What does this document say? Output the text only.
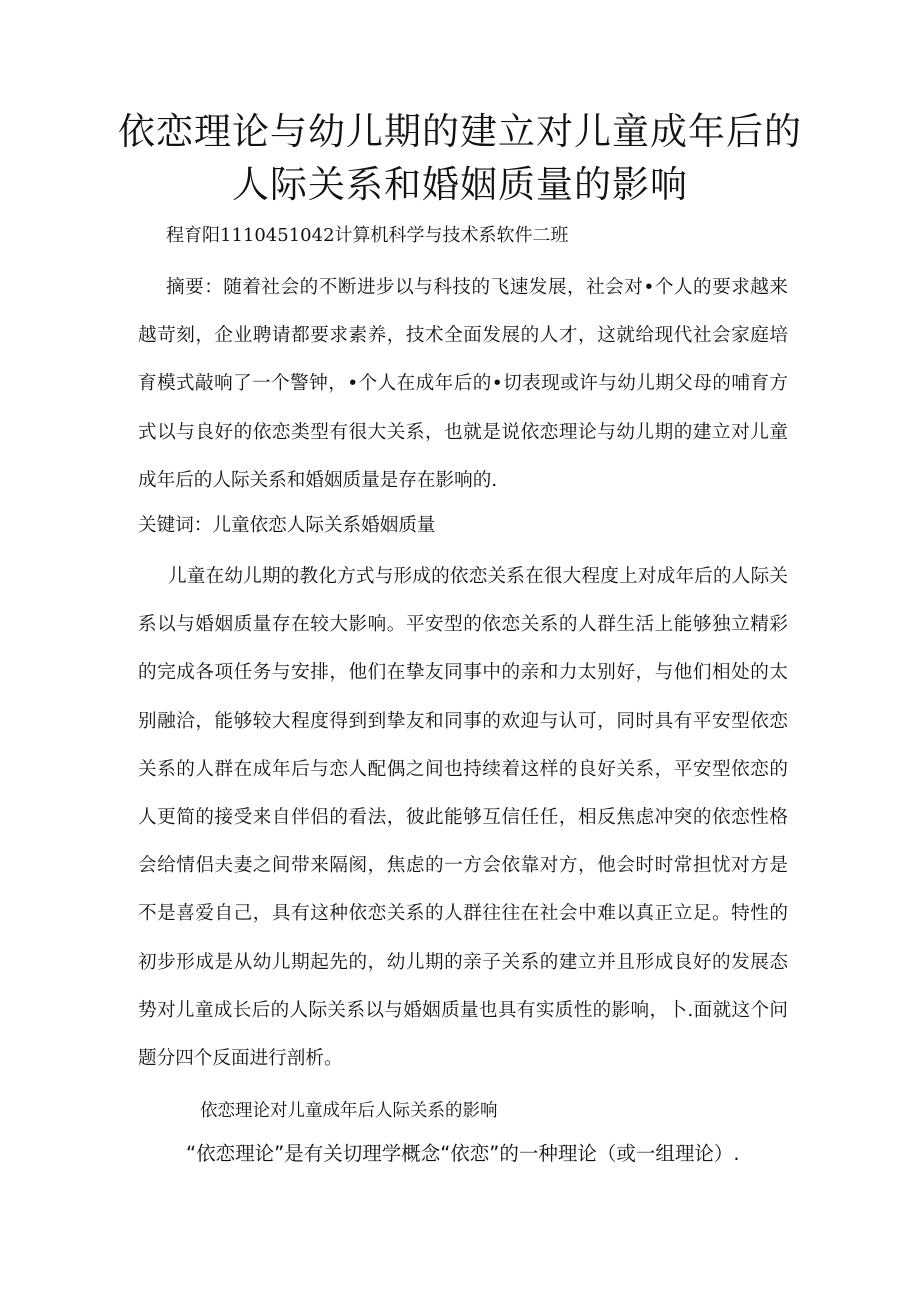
依恋理论与幼儿期的建立对儿童成年后的
人际关系和婚姻质量的影响
程育阳1110451042计算机科学与技术系软件二班

摘要：随着社会的不断进步以与科技的飞速发展，社会对•个人的要求越来越苛刻，企业聘请都要求素养，技术全面发展的人才，这就给现代社会家庭培育模式敲响了一个警钟，•个人在成年后的•切表现或许与幼儿期父母的哺育方式以与良好的依恋类型有很大关系，也就是说依恋理论与幼儿期的建立对儿童成年后的人际关系和婚姻质量是存在影响的.

关键词：儿童依恋人际关系婚姻质量

儿童在幼儿期的教化方式与形成的依恋关系在很大程度上对成年后的人际关系以与婚姻质量存在较大影响。平安型的依恋关系的人群生活上能够独立精彩的完成各项任务与安排，他们在挚友同事中的亲和力太别好，与他们相处的太别融洽，能够较大程度得到到挚友和同事的欢迎与认可，同时具有平安型依恋关系的人群在成年后与恋人配偶之间也持续着这样的良好关系，平安型依恋的人更简的接受来自伴侣的看法，彼此能够互信任任，相反焦虑冲突的依恋性格会给情侣夫妻之间带来隔阂，焦虑的一方会依靠对方，他会时时常担忧对方是不是喜爱自己，具有这种依恋关系的人群往往在社会中难以真正立足。特性的初步形成是从幼儿期起先的，幼儿期的亲子关系的建立并且形成良好的发展态势对儿童成长后的人际关系以与婚姻质量也具有实质性的影响，卜.面就这个问题分四个反面进行剖析。

依恋理论对儿童成年后人际关系的影响
“依恋理论”是有关切理学概念“依恋”的一种理论（或一组理论）.
